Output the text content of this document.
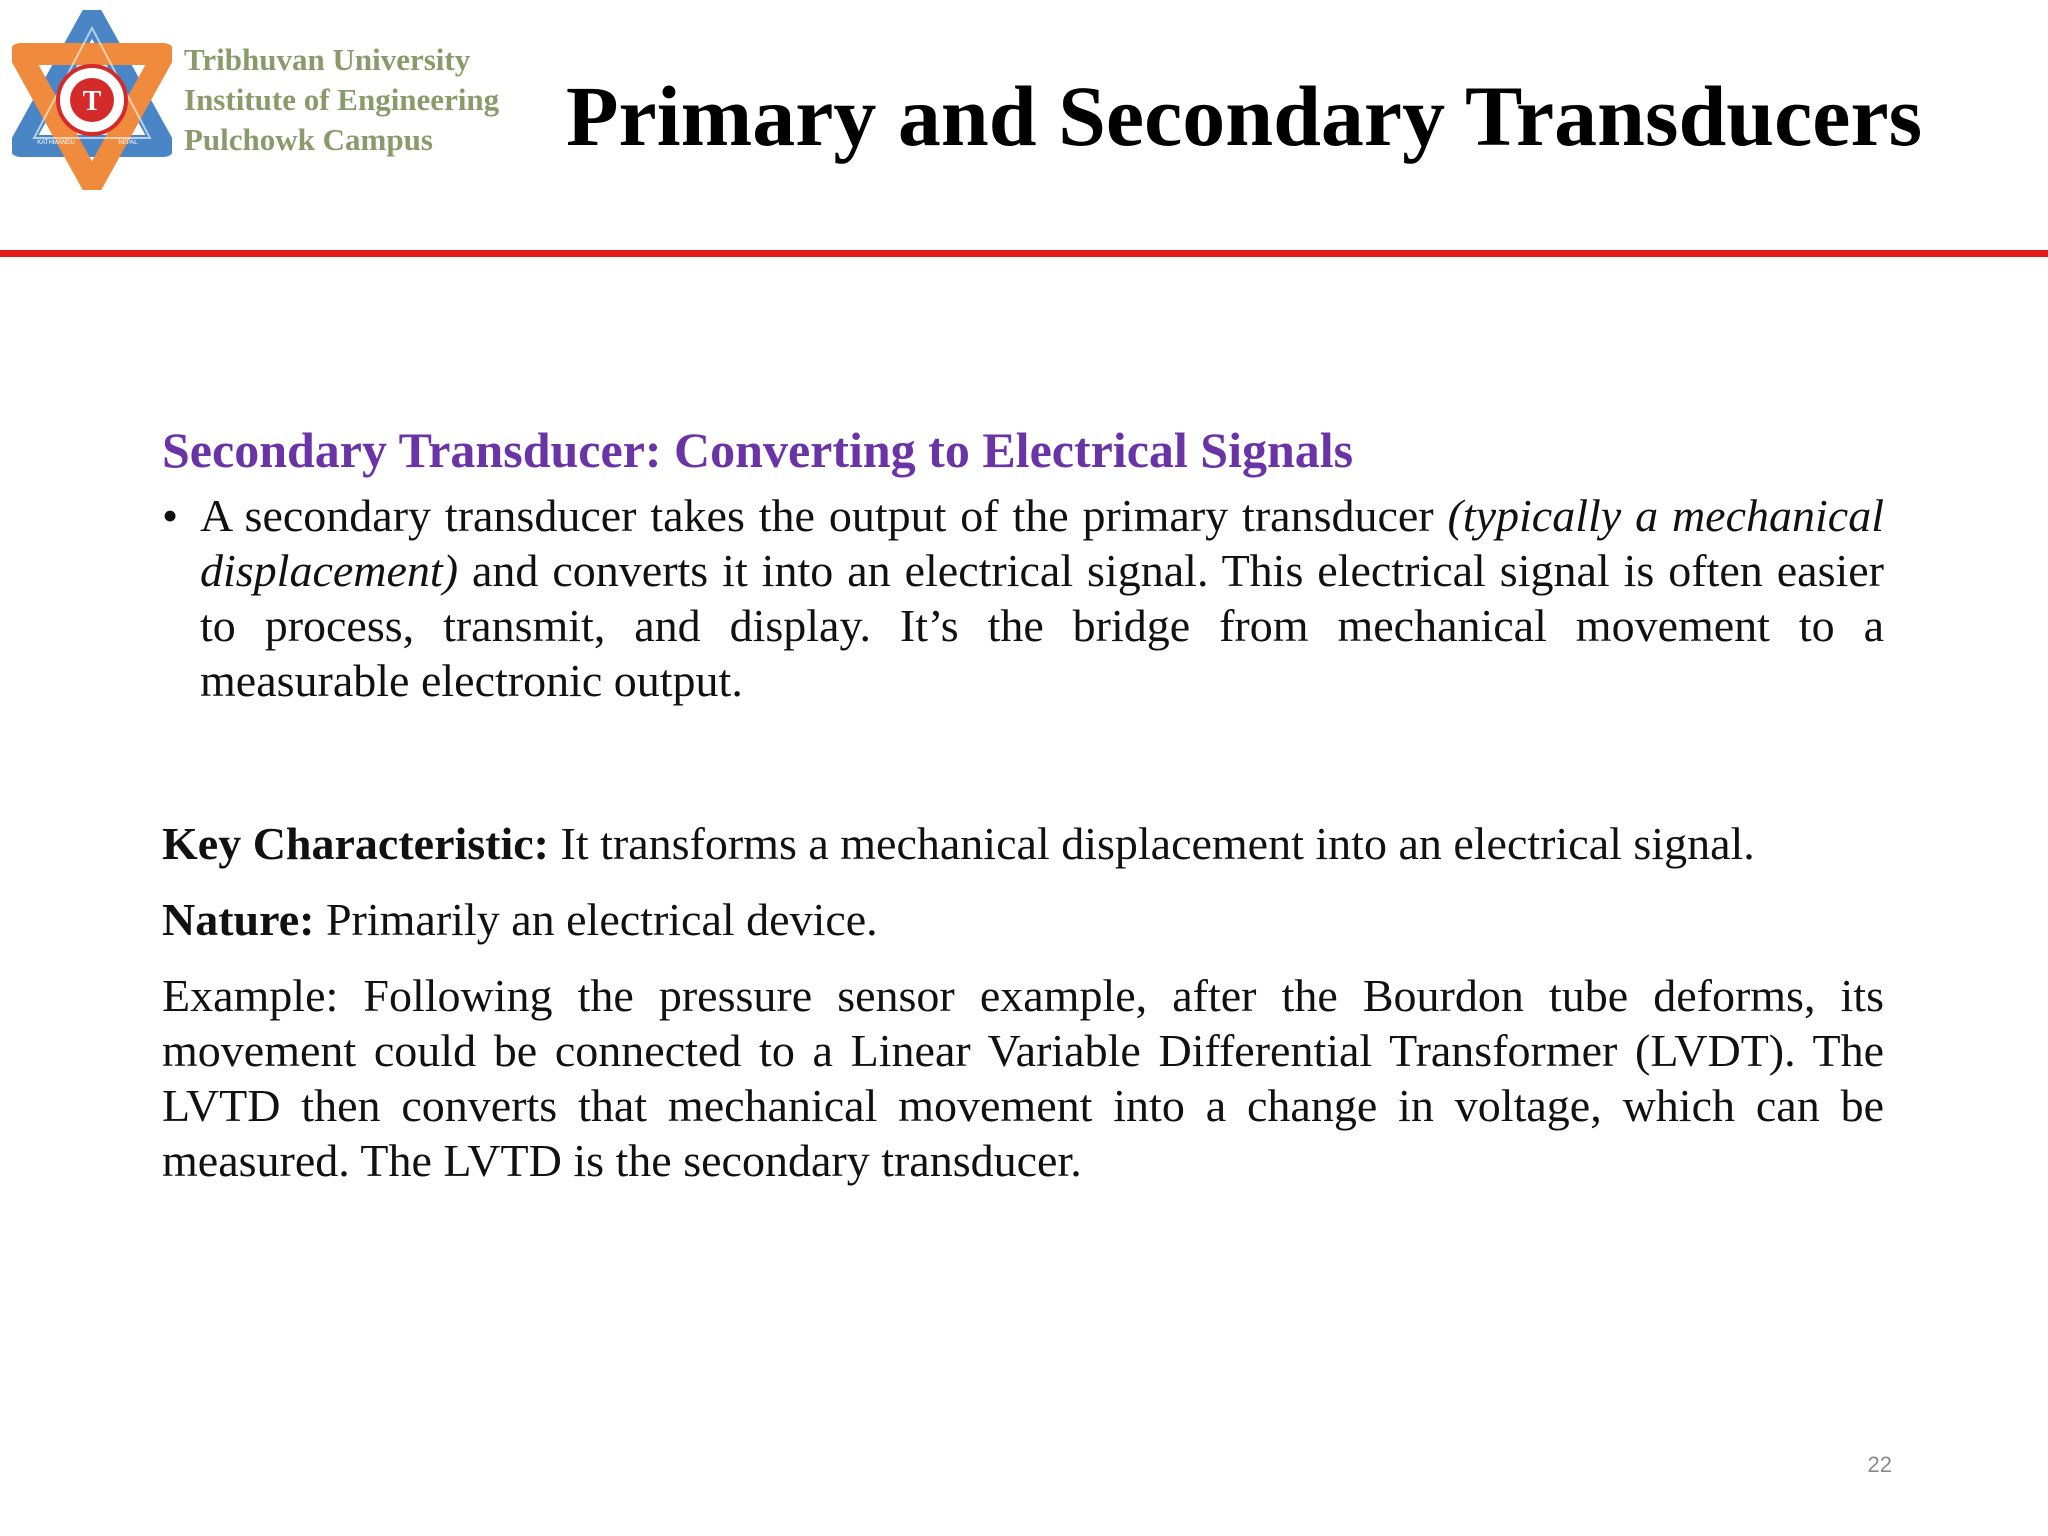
T
KATHMANDU	NEPAL
Tribhuvan University
Institute of Engineering
Pulchowk Campus	Primary and Secondary Transducers
Secondary Transducer: Converting to Electrical Signals
• A secondary transducer takes the output of the primary transducer (typically a mechanical displacement) and converts it into an electrical signal. This electrical signal is often easier to process, transmit, and display. It’s the bridge from mechanical movement to a measurable electronic output.

Key Characteristic: It transforms a mechanical displacement into an electrical signal.

Nature: Primarily an electrical device.

Example: Following the pressure sensor example, after the Bourdon tube deforms, its movement could be connected to a Linear Variable Differential Transformer (LVDT). The LVTD then converts that mechanical movement into a change in voltage, which can be measured. The LVTD is the secondary transducer.

22
